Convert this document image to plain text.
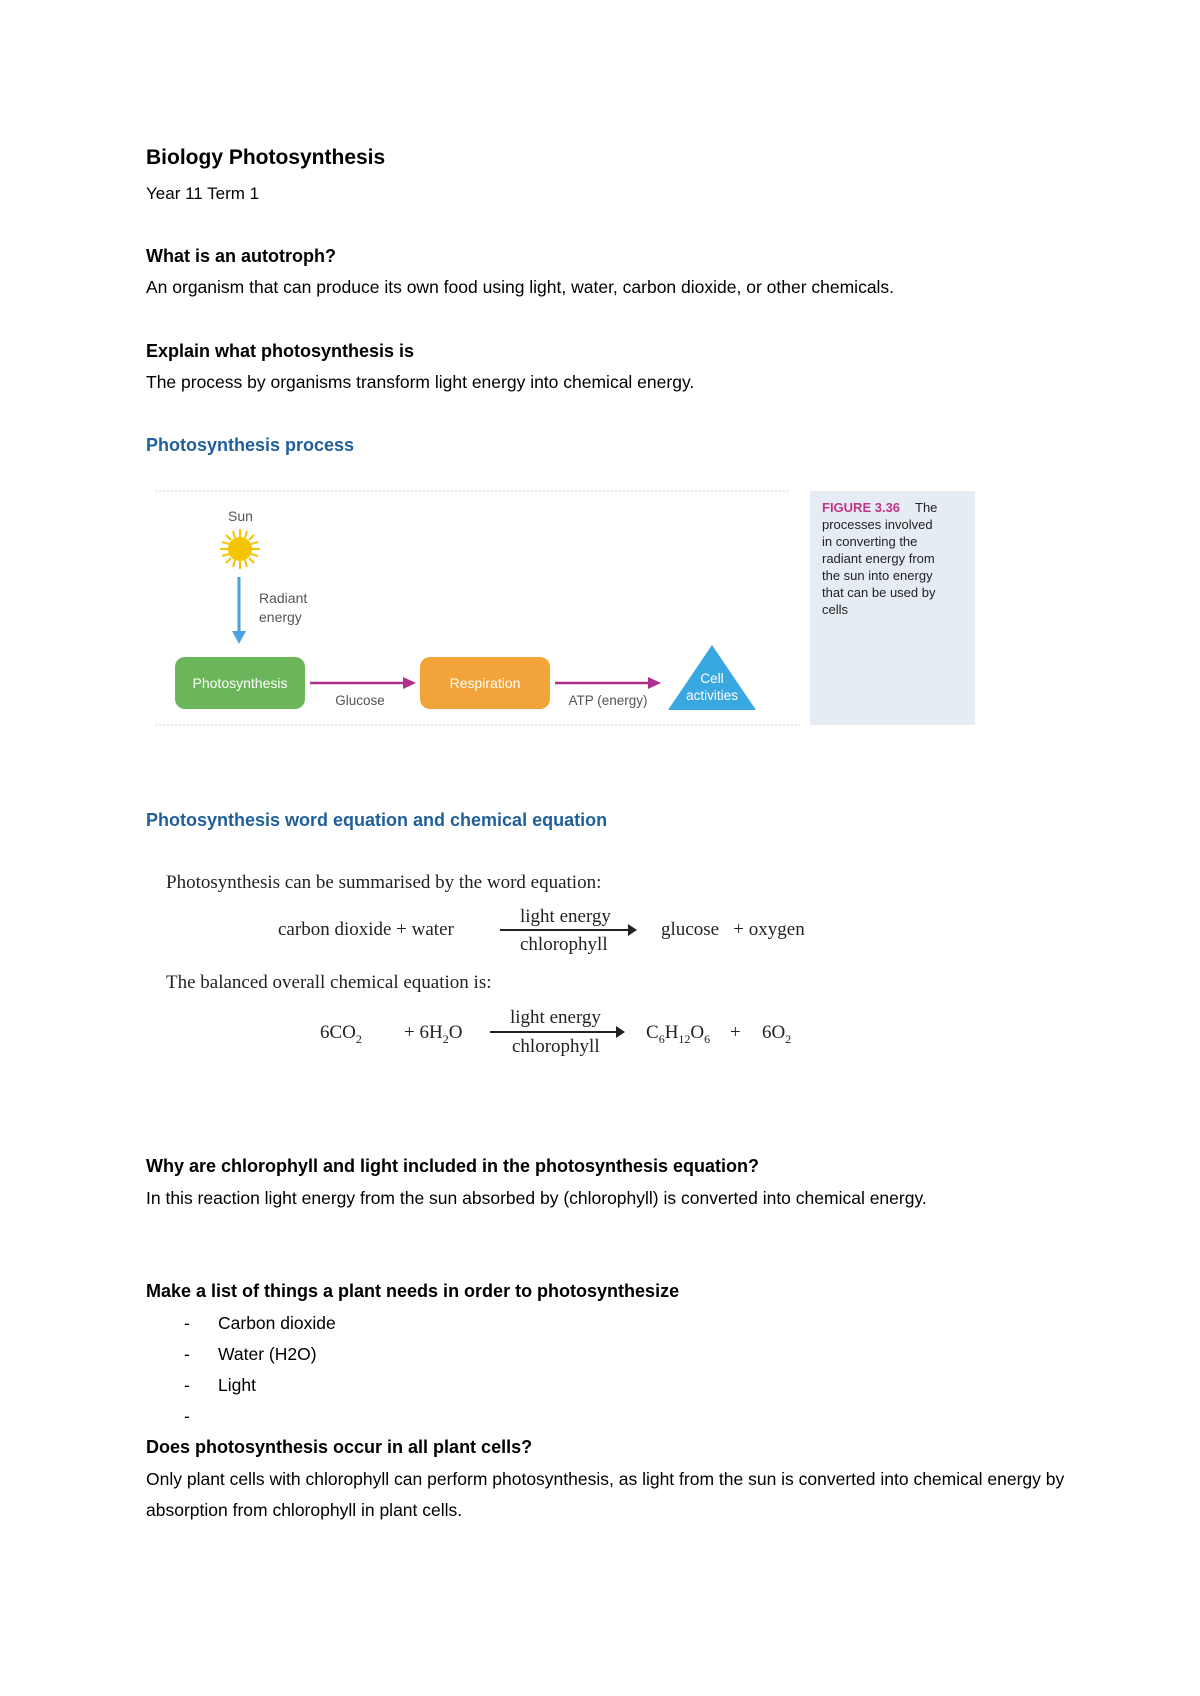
Biology Photosynthesis
Year 11 Term 1
What is an autotroph?
An organism that can produce its own food using light, water, carbon dioxide, or other chemicals.
Explain what photosynthesis is
The process by organisms transform light energy into chemical energy.
Photosynthesis process
FIGURE 3.36 The
processes involved
in converting the
radiant energy from
the sun into energy
that can be used by
cells
Sun
Radiant
energy
Photosynthesis
Glucose
Respiration
ATP (energy)
Cell
activities
Photosynthesis word equation and chemical equation
Photosynthesis can be summarised by the word equation:
carbon dioxide + water
light energy
chlorophyll
glucose   + oxygen
The balanced overall chemical equation is:
$6CO_2 + 6H_2O$
light energy
chlorophyll
$C_6H_{12}O_6 + 6O_2$
Why are chlorophyll and light included in the photosynthesis equation?
In this reaction light energy from the sun absorbed by (chlorophyll) is converted into chemical energy.
Make a list of things a plant needs in order to photosynthesize
- Carbon dioxide
- Water (H2O)
- Light
-
Does photosynthesis occur in all plant cells?
Only plant cells with chlorophyll can perform photosynthesis, as light from the sun is converted into chemical energy by absorption from chlorophyll in plant cells.
